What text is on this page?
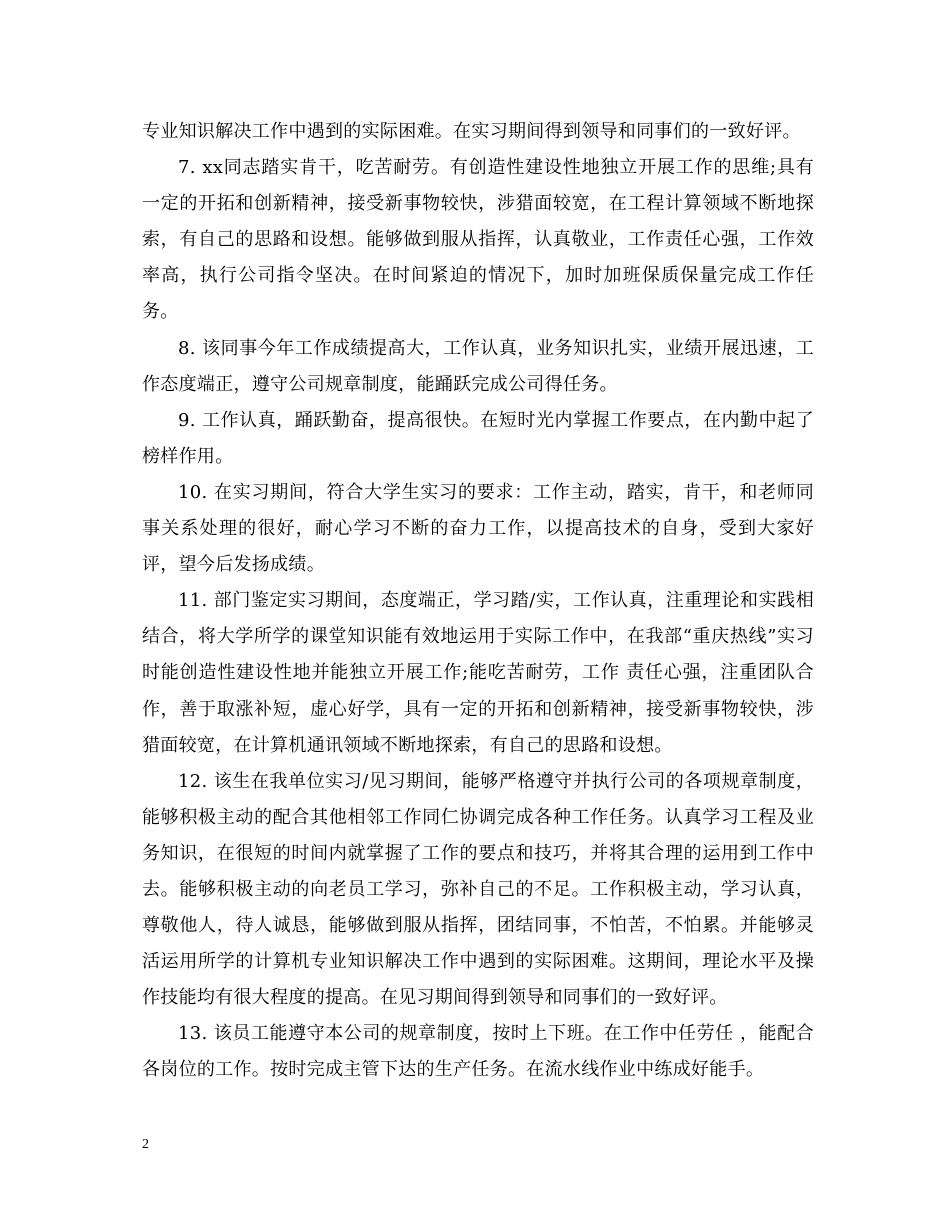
专业知识解决工作中遇到的实际困难。在实习期间得到领导和同事们的一致好评。

7. xx同志踏实肯干，吃苦耐劳。有创造性建设性地独立开展工作的思维;具有一定的开拓和创新精神，接受新事物较快，涉猎面较宽，在工程计算领域不断地探索，有自己的思路和设想。能够做到服从指挥，认真敬业，工作责任心强，工作效率高，执行公司指令坚决。在时间紧迫的情况下，加时加班保质保量完成工作任务。

8. 该同事今年工作成绩提高大，工作认真，业务知识扎实，业绩开展迅速，工作态度端正，遵守公司规章制度，能踊跃完成公司得任务。

9. 工作认真，踊跃勤奋，提高很快。在短时光内掌握工作要点，在内勤中起了榜样作用。

10. 在实习期间，符合大学生实习的要求：工作主动，踏实，肯干，和老师同事关系处理的很好，耐心学习不断的奋力工作，以提高技术的自身，受到大家好评，望今后发扬成绩。

11. 部门鉴定实习期间，态度端正，学习踏/实，工作认真，注重理论和实践相结合，将大学所学的课堂知识能有效地运用于实际工作中，在我部“重庆热线”实习时能创造性建设性地并能独立开展工作;能吃苦耐劳，工作 责任心强，注重团队合作，善于取涨补短，虚心好学，具有一定的开拓和创新精神，接受新事物较快，涉猎面较宽，在计算机通讯领域不断地探索，有自己的思路和设想。

12. 该生在我单位实习/见习期间，能够严格遵守并执行公司的各项规章制度，能够积极主动的配合其他相邻工作同仁协调完成各种工作任务。认真学习工程及业务知识，在很短的时间内就掌握了工作的要点和技巧，并将其合理的运用到工作中去。能够积极主动的向老员工学习，弥补自己的不足。工作积极主动，学习认真，尊敬他人，待人诚恳，能够做到服从指挥，团结同事，不怕苦，不怕累。并能够灵活运用所学的计算机专业知识解决工作中遇到的实际困难。这期间，理论水平及操作技能均有很大程度的提高。在见习期间得到领导和同事们的一致好评。

13. 该员工能遵守本公司的规章制度，按时上下班。在工作中任劳任 ，能配合各岗位的工作。按时完成主管下达的生产任务。在流水线作业中练成好能手。

2
